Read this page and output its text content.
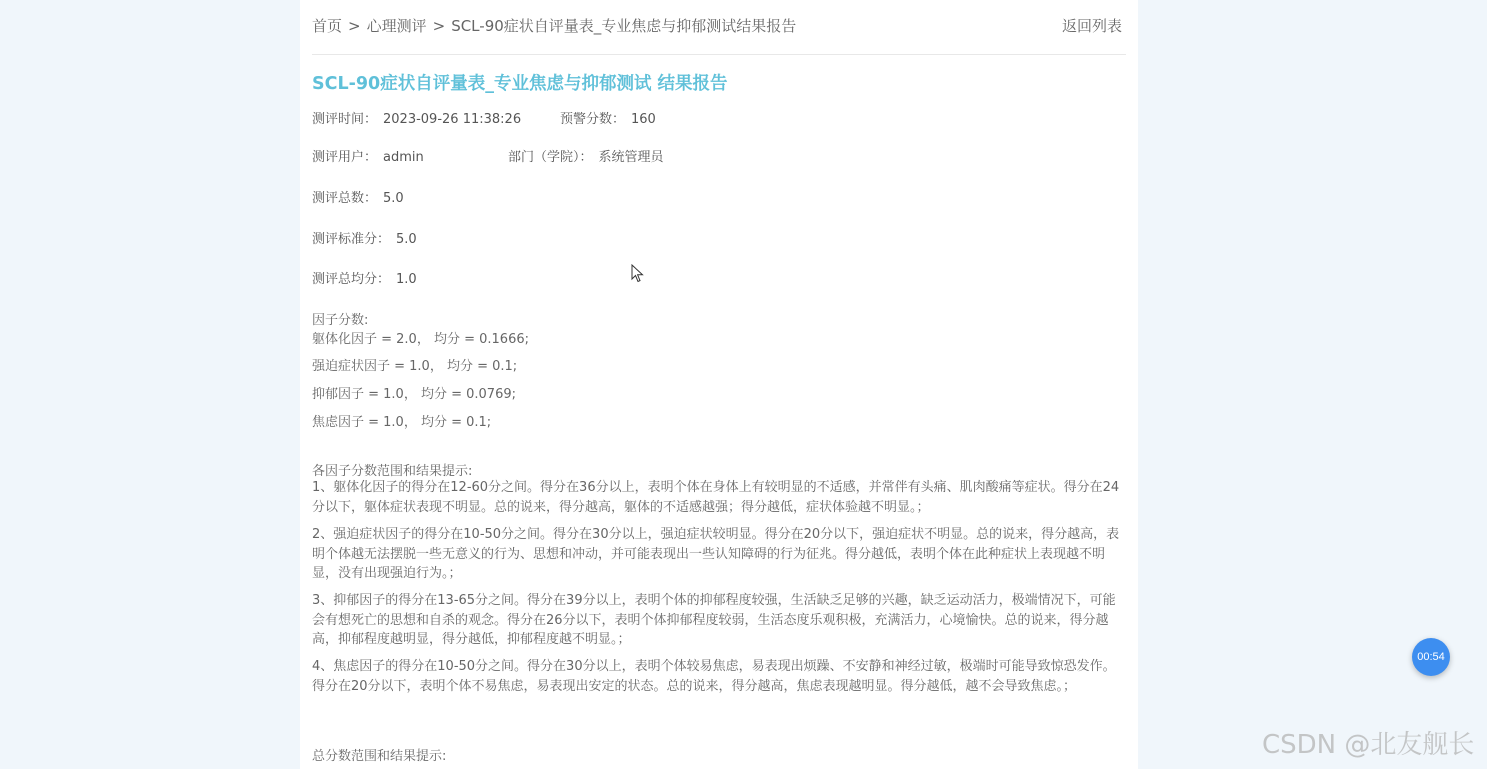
首页 > 心理测评 > SCL-90症状自评量表_专业焦虑与抑郁测试结果报告	返回列表
SCL-90症状自评量表_专业焦虑与抑郁测试 结果报告
测评时间： 2023-09-26 11:38:26	预警分数： 160
测评用户： admin	部门（学院）： 系统管理员
测评总数： 5.0
测评标准分： 5.0
测评总均分： 1.0
因子分数:
躯体化因子 = 2.0， 均分 = 0.1666;
强迫症状因子 = 1.0， 均分 = 0.1;
抑郁因子 = 1.0， 均分 = 0.0769;
焦虑因子 = 1.0， 均分 = 0.1;
各因子分数范围和结果提示:
1、躯体化因子的得分在12-60分之间。得分在36分以上，表明个体在身体上有较明显的不适感，并常伴有头痛、肌肉酸痛等症状。得分在24分以下，躯体症状表现不明显。总的说来，得分越高，躯体的不适感越强；得分越低，症状体验越不明显。；
2、强迫症状因子的得分在10-50分之间。得分在30分以上，强迫症状较明显。得分在20分以下，强迫症状不明显。总的说来，得分越高，表明个体越无法摆脱一些无意义的行为、思想和冲动，并可能表现出一些认知障碍的行为征兆。得分越低，表明个体在此种症状上表现越不明显，没有出现强迫行为。；
3、抑郁因子的得分在13-65分之间。得分在39分以上，表明个体的抑郁程度较强，生活缺乏足够的兴趣，缺乏运动活力，极端情况下，可能会有想死亡的思想和自杀的观念。得分在26分以下，表明个体抑郁程度较弱，生活态度乐观积极，充满活力，心境愉快。总的说来，得分越高，抑郁程度越明显，得分越低，抑郁程度越不明显。；
4、焦虑因子的得分在10-50分之间。得分在30分以上，表明个体较易焦虑，易表现出烦躁、不安静和神经过敏，极端时可能导致惊恐发作。得分在20分以下，表明个体不易焦虑，易表现出安定的状态。总的说来，得分越高，焦虑表现越明显。得分越低，越不会导致焦虑。；
总分数范围和结果提示:
00:54
CSDN @北友舰长
